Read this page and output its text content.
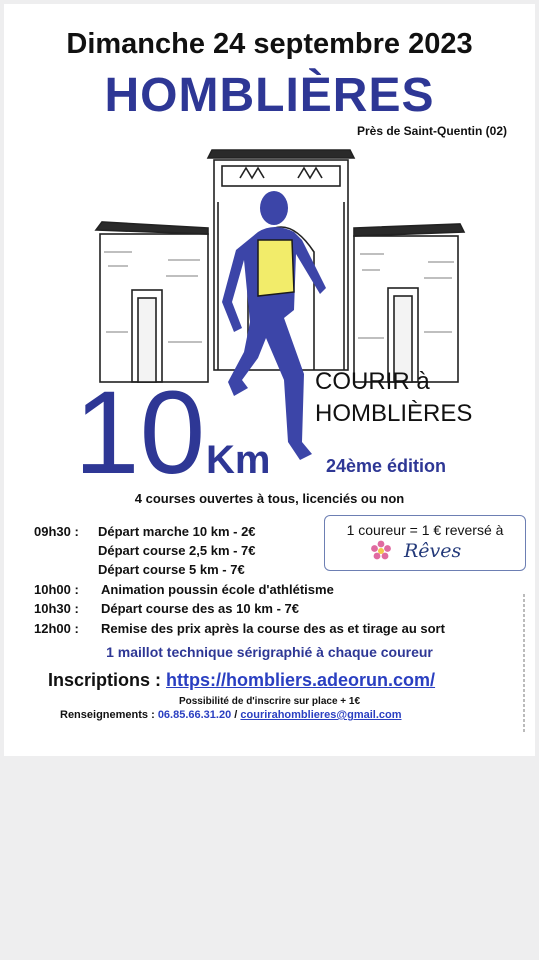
Dimanche 24 septembre 2023
HOMBLIÈRES
Près de Saint-Quentin (02)
10 Km
COURIR à
HOMBLIÈRES
24ème édition
4 courses ouvertes à tous, licenciés ou non
09h30 : Départ marche 10 km - 2€
Départ course 2,5 km - 7€
Départ course 5 km - 7€
10h00 : Animation poussin école d'athlétisme
10h30 : Départ course des as 10 km - 7€
12h00 : Remise des prix après la course des as et tirage au sort
1 coureur = 1 € reversé à
Rêves
1 maillot technique sérigraphié à chaque coureur
Inscriptions : https://hombliers.adeorun.com/
Possibilité de d'inscrire sur place + 1€
Renseignements : 06.85.66.31.20 / courirahomblieres@gmail.com
